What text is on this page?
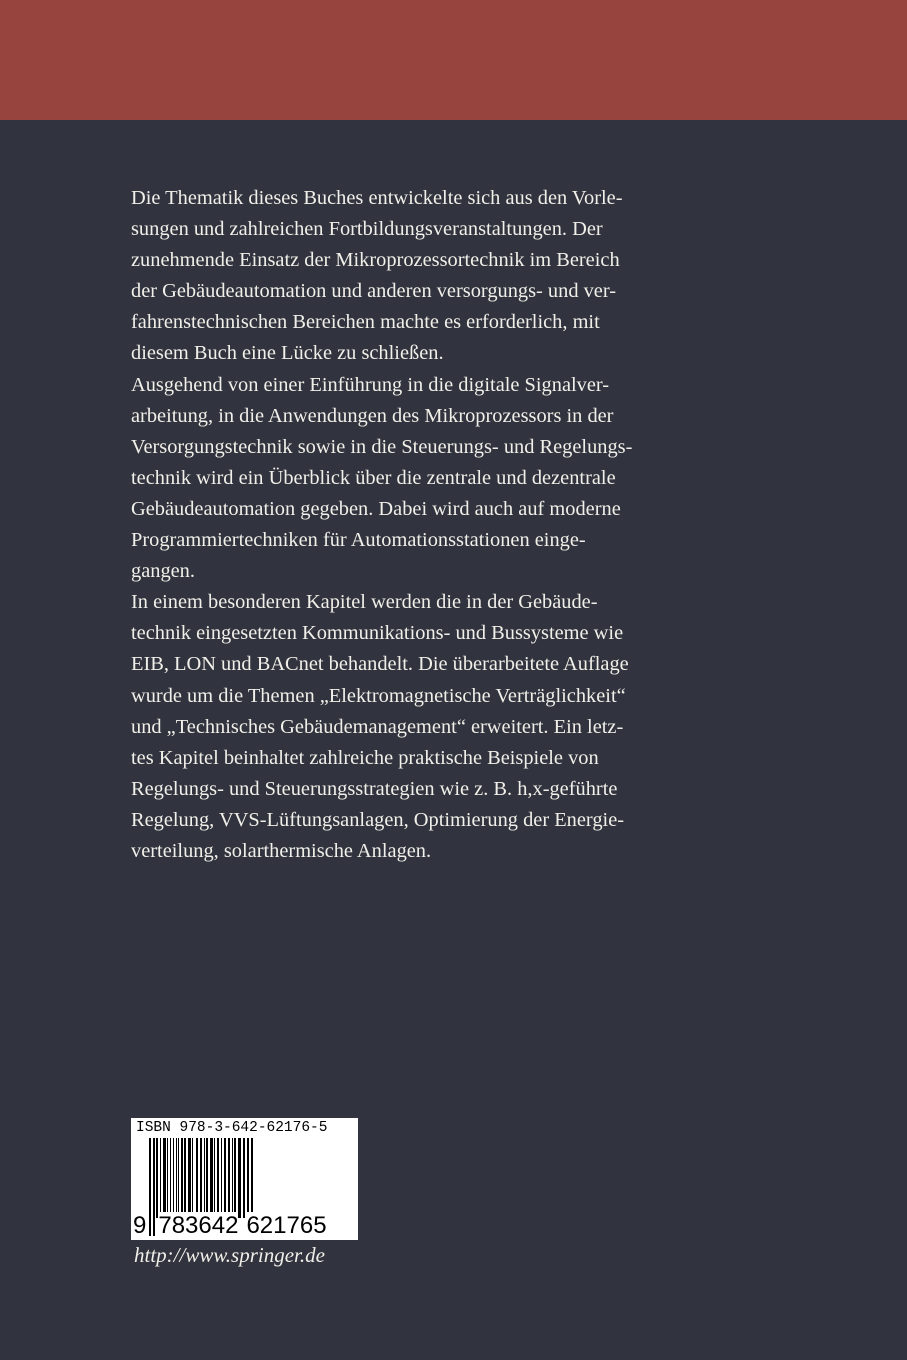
Die Thematik dieses Buches entwickelte sich aus den Vorle-
sungen und zahlreichen Fortbildungsveranstaltungen. Der
zunehmende Einsatz der Mikroprozessortechnik im Bereich
der Gebäudeautomation und anderen versorgungs- und ver-
fahrenstechnischen Bereichen machte es erforderlich, mit
diesem Buch eine Lücke zu schließen.
Ausgehend von einer Einführung in die digitale Signalver-
arbeitung, in die Anwendungen des Mikroprozessors in der
Versorgungstechnik sowie in die Steuerungs- und Regelungs-
technik wird ein Überblick über die zentrale und dezentrale
Gebäudeautomation gegeben. Dabei wird auch auf moderne
Programmiertechniken für Automationsstationen einge-
gangen.
In einem besonderen Kapitel werden die in der Gebäude-
technik eingesetzten Kommunikations- und Bussysteme wie
EIB, LON und BACnet behandelt. Die überarbeitete Auflage
wurde um die Themen „Elektromagnetische Verträglichkeit“
und „Technisches Gebäudemanagement“ erweitert. Ein letz-
tes Kapitel beinhaltet zahlreiche praktische Beispiele von
Regelungs- und Steuerungsstrategien wie z. B. h,x-geführte
Regelung, VVS-Lüftungsanlagen, Optimierung der Energie-
verteilung, solarthermische Anlagen.
ISBN 978-3-642-62176-5
9 783642 621765
http://www.springer.de
